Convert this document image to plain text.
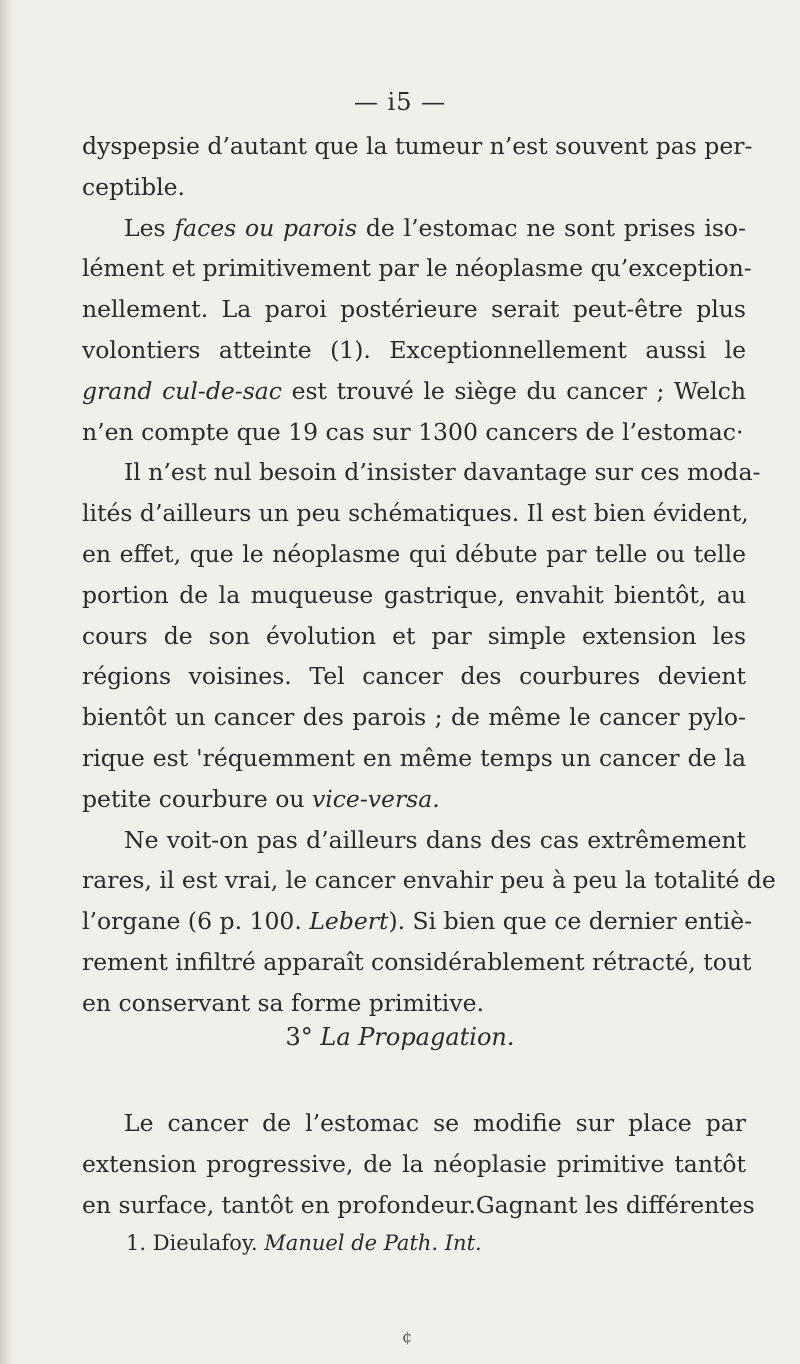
— i5 —
dyspepsie d’autant que la tumeur n’est souvent pas per-
ceptible.
Les faces ou parois de l’estomac ne sont prises iso-
lément et primitivement par le néoplasme qu’exception-
nellement. La paroi postérieure serait peut-être plus
volontiers atteinte (1). Exceptionnellement aussi le
grand cul-de-sac est trouvé le siège du cancer ; Welch
n’en compte que 19 cas sur 1300 cancers de l’estomac·
Il n’est nul besoin d’insister davantage sur ces moda-
lités d’ailleurs un peu schématiques. Il est bien évident,
en effet, que le néoplasme qui débute par telle ou telle
portion de la muqueuse gastrique, envahit bientôt, au
cours de son évolution et par simple extension les
régions voisines. Tel cancer des courbures devient
bientôt un cancer des parois ; de même le cancer pylo-
rique est 'réquemment en même temps un cancer de la
petite courbure ou vice-versa.
Ne voit-on pas d’ailleurs dans des cas extrêmement
rares, il est vrai, le cancer envahir peu à peu la totalité de
l’organe (6 p. 100. Lebert). Si bien que ce dernier entiè-
rement infiltré apparaît considérablement rétracté, tout
en conservant sa forme primitive.
3° La Propagation.
Le cancer de l’estomac se modifie sur place par
extension progressive, de la néoplasie primitive tantôt
en surface, tantôt en profondeur.Gagnant les différentes
1. Dieulafoy. Manuel de Path. Int.
¢
